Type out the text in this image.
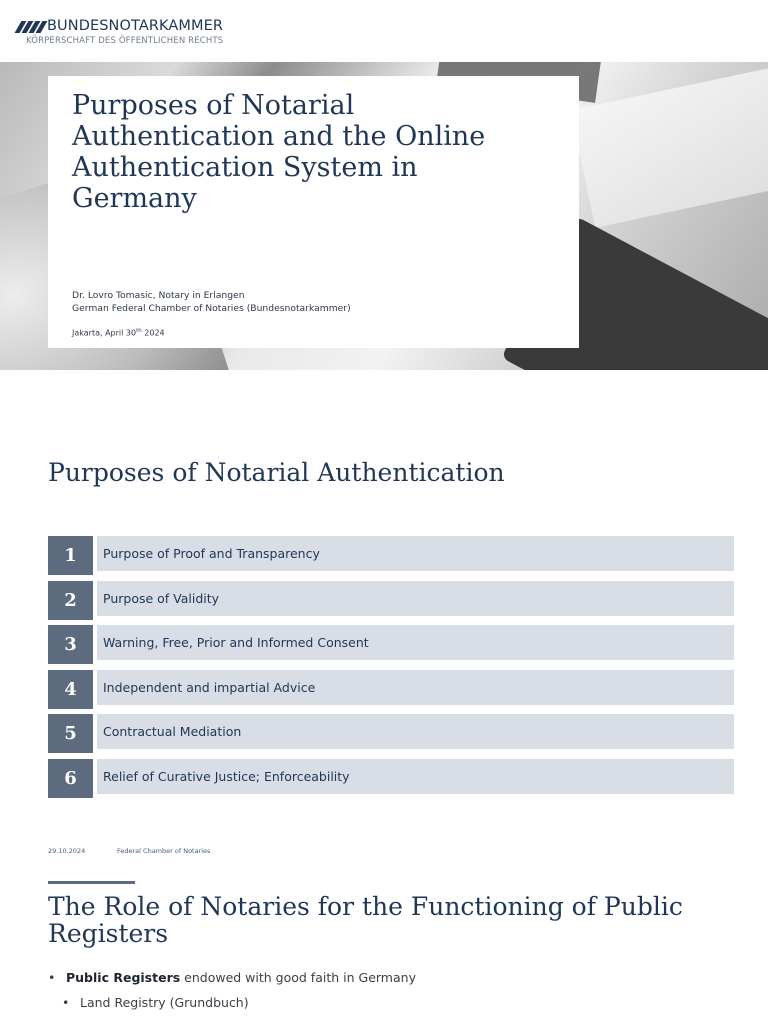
BUNDESNOTARKAMMER
KÖRPERSCHAFT DES ÖFFENTLICHEN RECHTS
Purposes of Notarial Authentication and the Online Authentication System in Germany
Dr. Lovro Tomasic, Notary in Erlangen
German Federal Chamber of Notaries (Bundesnotarkammer)
Jakarta, April 30th 2024
Purposes of Notarial Authentication
1	Purpose of Proof and Transparency
2	Purpose of Validity
3	Warning, Free, Prior and Informed Consent
4	Independent and impartial Advice
5	Contractual Mediation
6	Relief of Curative Justice; Enforceability
29.10.2024	Federal Chamber of Notaries
The Role of Notaries for the Functioning of Public Registers
• Public Registers endowed with good faith in Germany
• Land Registry (Grundbuch)
